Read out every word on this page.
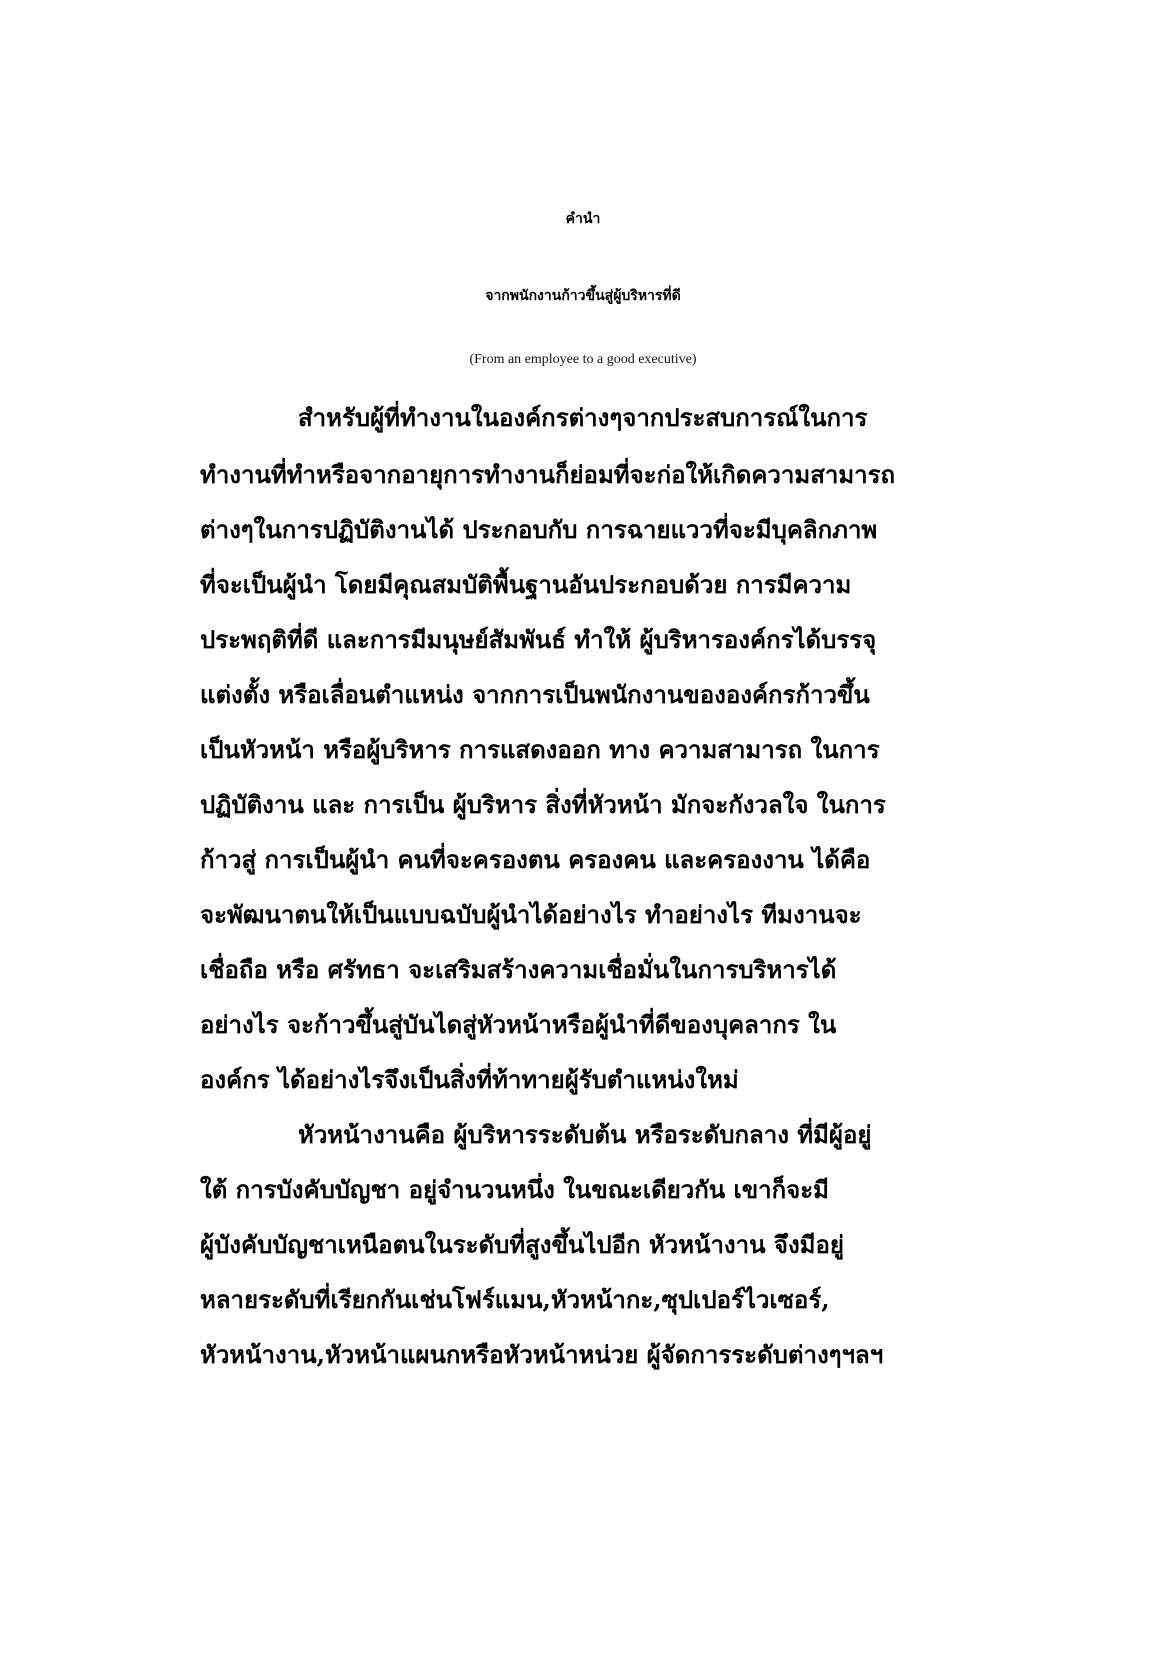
คำนำ
จากพนักงานก้าวขึ้นสู่ผู้บริหารที่ดี
(From an employee to a good executive)
สำหรับผู้ที่ทำงานในองค์กรต่างๆจากประสบการณ์ในการ
ทำงานที่ทำหรือจากอายุการทำงานก็ย่อมที่จะก่อให้เกิดความสามารถ
ต่างๆในการปฏิบัติงานได้ ประกอบกับ การฉายแววที่จะมีบุคลิกภาพ
ที่จะเป็นผู้นำ โดยมีคุณสมบัติพื้นฐานอันประกอบด้วย การมีความ
ประพฤติที่ดี และการมีมนุษย์สัมพันธ์ ทำให้ ผู้บริหารองค์กรได้บรรจุ
แต่งตั้ง หรือเลื่อนตำแหน่ง จากการเป็นพนักงานขององค์กรก้าวขึ้น
เป็นหัวหน้า หรือผู้บริหาร การแสดงออก ทาง ความสามารถ ในการ
ปฏิบัติงาน และ การเป็น ผู้บริหาร สิ่งที่หัวหน้า มักจะกังวลใจ ในการ
ก้าวสู่ การเป็นผู้นำ คนที่จะครองตน ครองคน และครองงาน ได้คือ
จะพัฒนาตนให้เป็นแบบฉบับผู้นำได้อย่างไร ทำอย่างไร ทีมงานจะ
เชื่อถือ หรือ ศรัทธา จะเสริมสร้างความเชื่อมั่นในการบริหารได้
อย่างไร จะก้าวขึ้นสู่บันไดสู่หัวหน้าหรือผู้นำที่ดีของบุคลากร ใน
องค์กร ได้อย่างไรจึงเป็นสิ่งที่ท้าทายผู้รับตำแหน่งใหม่
หัวหน้างานคือ ผู้บริหารระดับต้น หรือระดับกลาง ที่มีผู้อยู่
ใต้ การบังคับบัญชา อยู่จำนวนหนึ่ง ในขณะเดียวกัน เขาก็จะมี
ผู้บังคับบัญชาเหนือตนในระดับที่สูงขึ้นไปอีก หัวหน้างาน จึงมีอยู่
หลายระดับที่เรียกกันเช่นโฟร์แมน,หัวหน้ากะ,ซุปเปอร์ไวเซอร์,
หัวหน้างาน,หัวหน้าแผนกหรือหัวหน้าหน่วย ผู้จัดการระดับต่างๆฯลฯ
